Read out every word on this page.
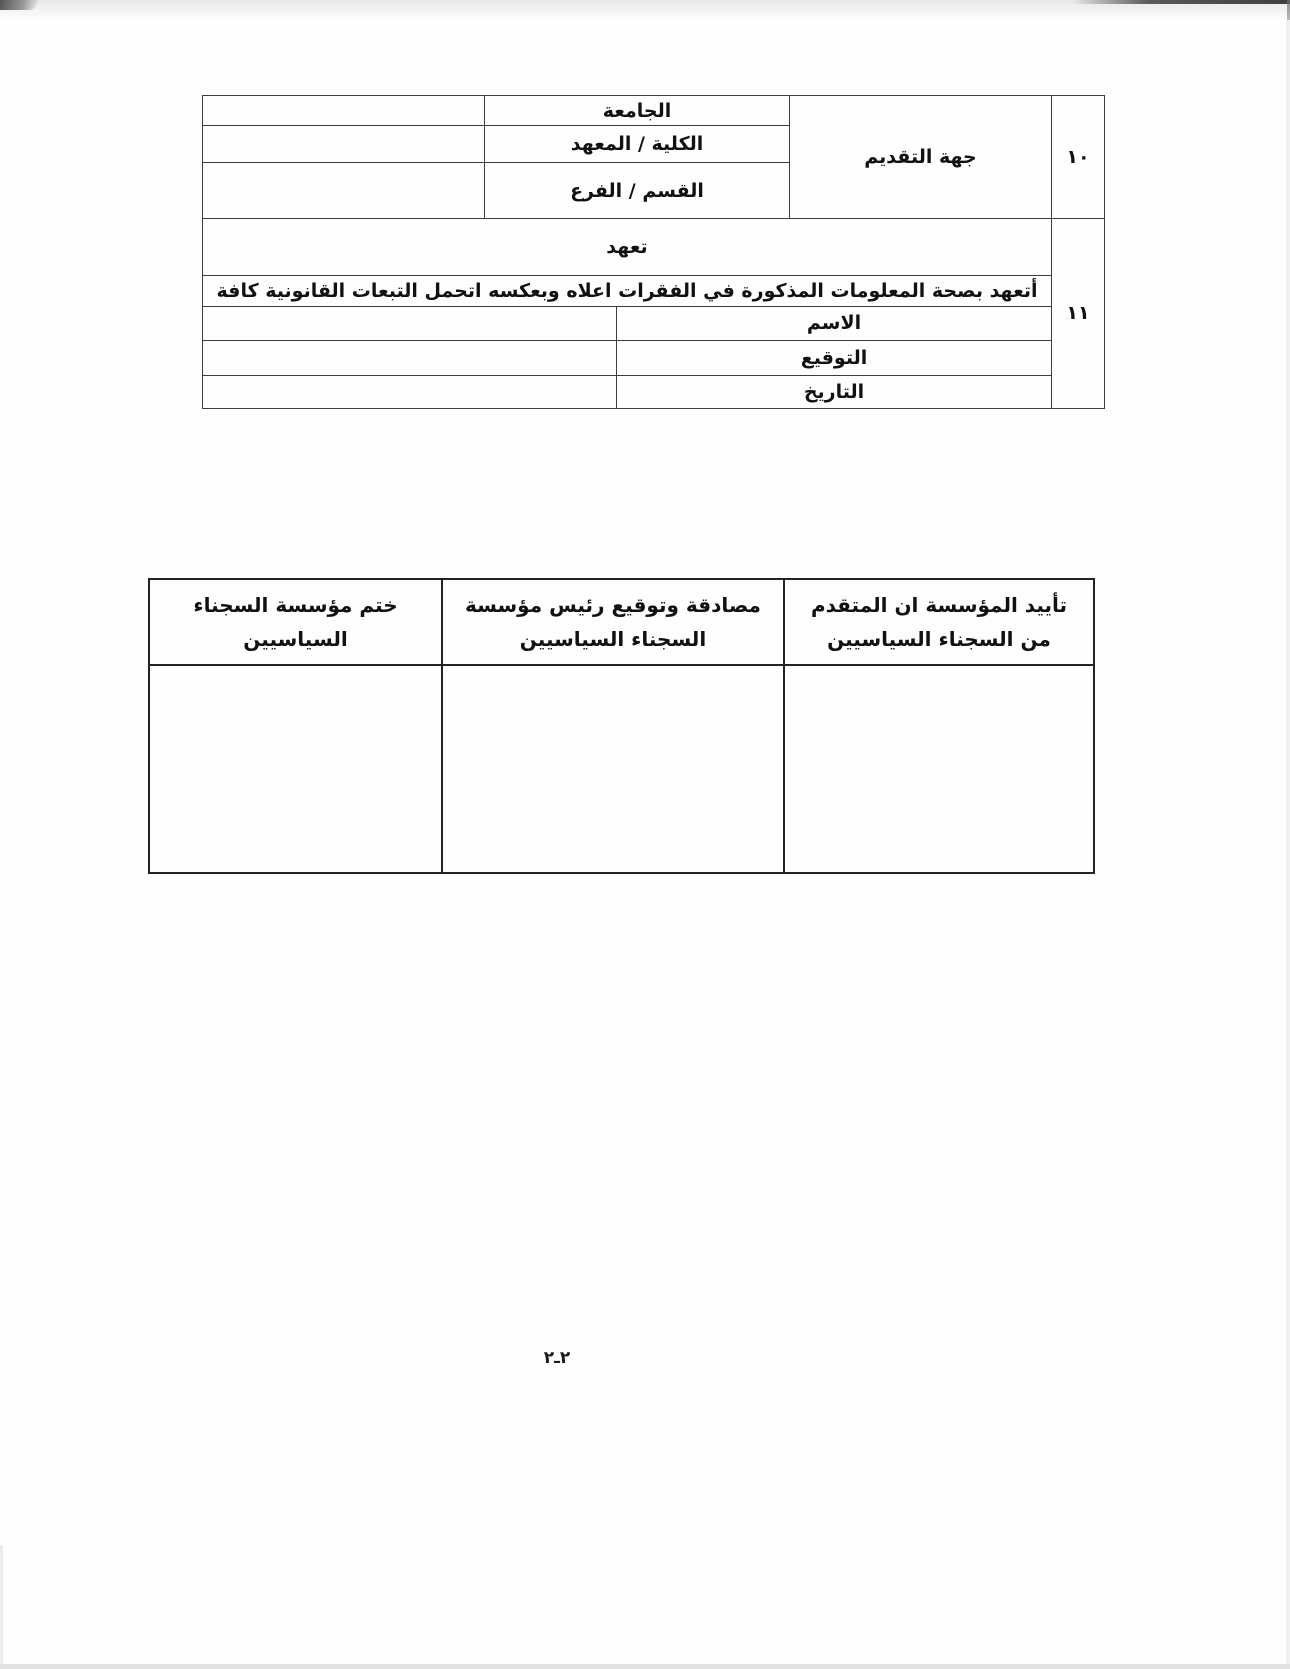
١٠	جهة التقديم	الجامعة	
		الكلية / المعهد	
		القسم / الفرع	
١١	تعهد	
	أتعهد بصحة المعلومات المذكورة في الفقرات اعلاه وبعكسه اتحمل التبعات القانونية كافة	
	الاسم	
	التوقيع	
	التاريخ	
تأييد المؤسسة ان المتقدم من السجناء السياسيين	مصادقة وتوقيع رئيس مؤسسة السجناء السياسيين	ختم مؤسسة السجناء السياسيين

٢ـ٢
